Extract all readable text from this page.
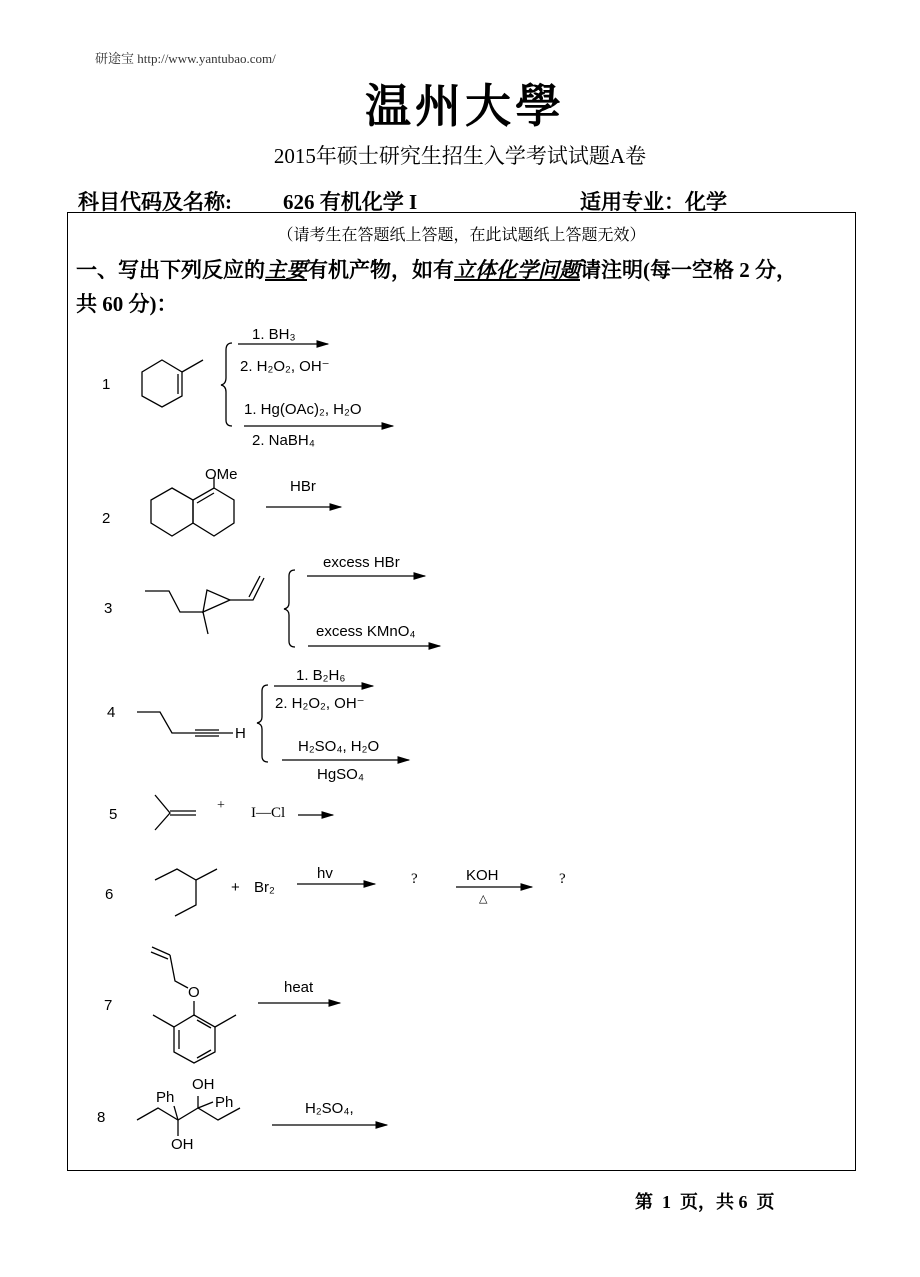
研途宝 http://www.yantubao.com/
温州大學
2015年硕士研究生招生入学考试试题A卷
科目代码及名称: 626 有机化学 I	适用专业：化学
（请考生在答题纸上答题，在此试题纸上答题无效）
一、写出下列反应的主要有机产物，如有立体化学问题请注明(每一空格 2 分，
共 60 分)：
1
1. BH₃
2. H₂O₂, OH⁻
1. Hg(OAc)₂, H₂O
2. NaBH₄
2
OMe
HBr
3
excess HBr
excess KMnO₄
4
H
1. B₂H₆
2. H₂O₂, OH⁻
H₂SO₄, H₂O
HgSO₄
5
+ I—Cl
6	+ Br₂
hv	?	KOH
△
?
7
O	heat
8
Ph	Ph
OH
OH
H₂SO₄,
第  1  页，共 6  页
